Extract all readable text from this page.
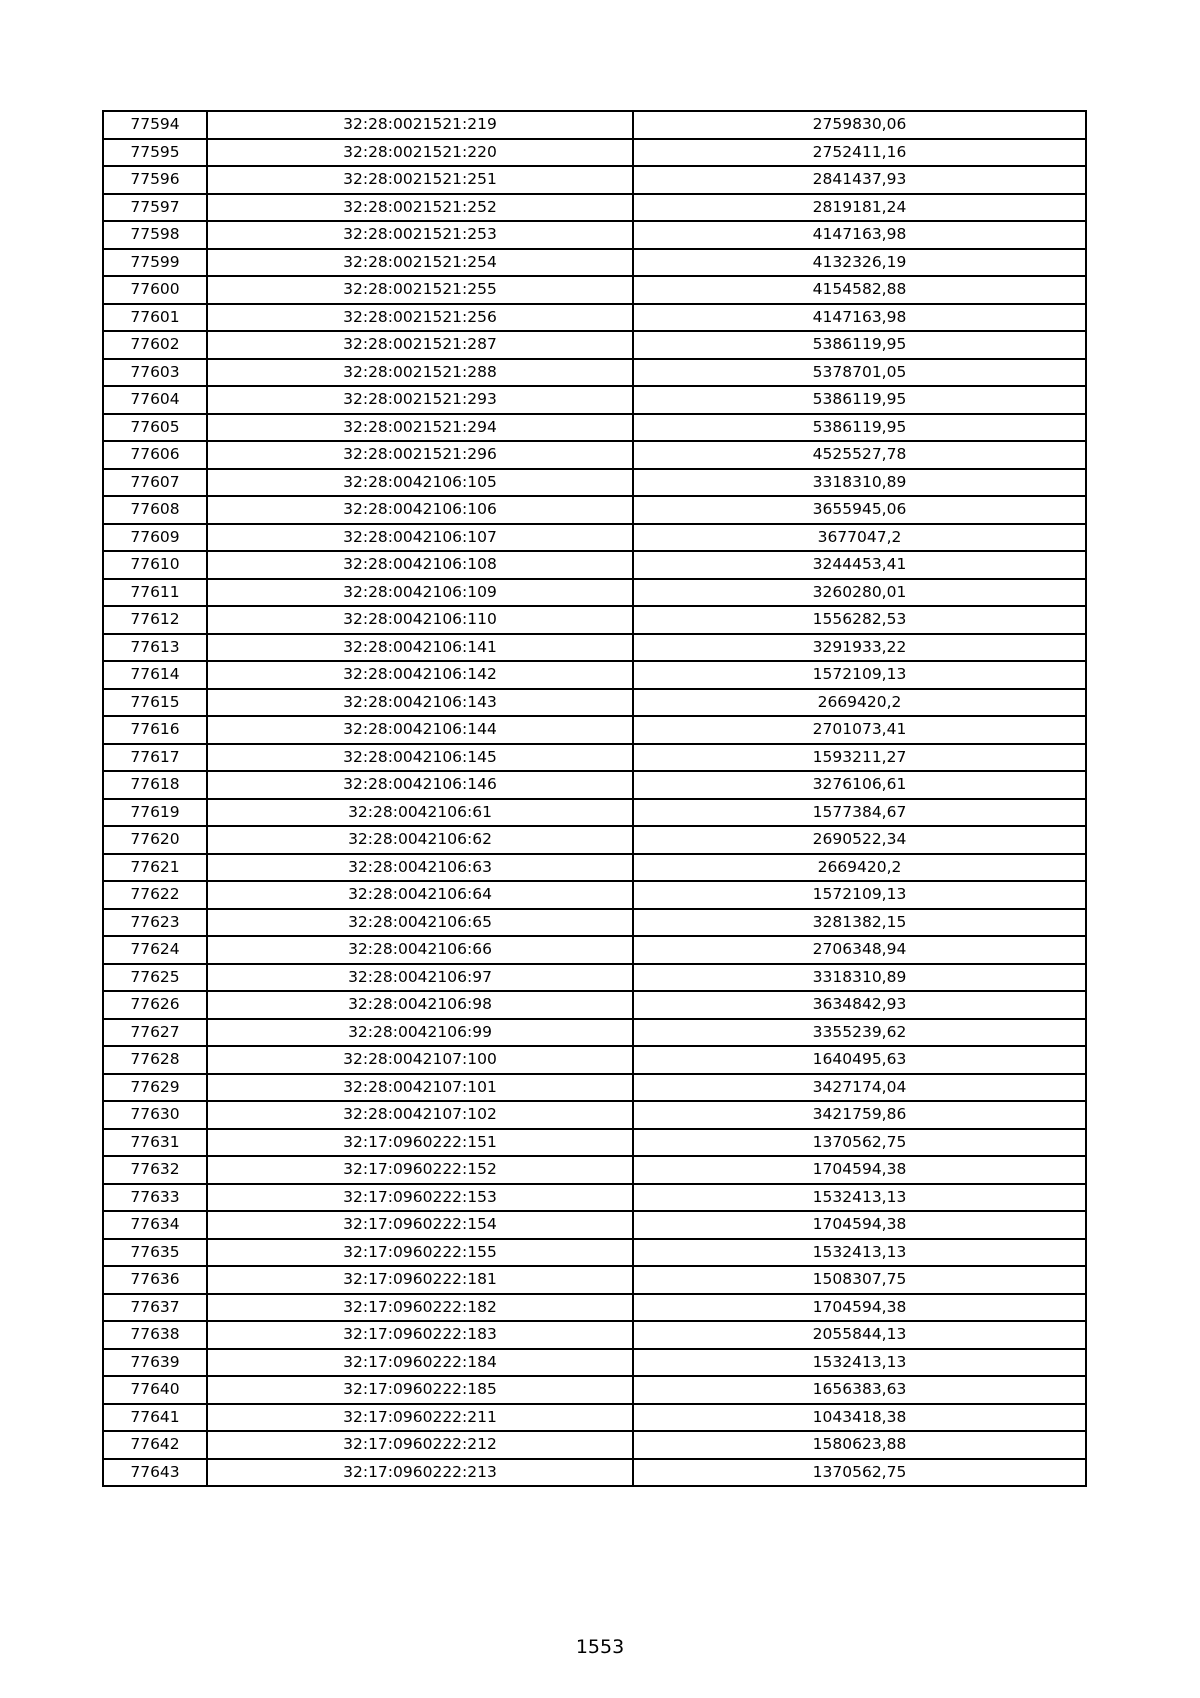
77594	32:28:0021521:219	2759830,06
77595	32:28:0021521:220	2752411,16
77596	32:28:0021521:251	2841437,93
77597	32:28:0021521:252	2819181,24
77598	32:28:0021521:253	4147163,98
77599	32:28:0021521:254	4132326,19
77600	32:28:0021521:255	4154582,88
77601	32:28:0021521:256	4147163,98
77602	32:28:0021521:287	5386119,95
77603	32:28:0021521:288	5378701,05
77604	32:28:0021521:293	5386119,95
77605	32:28:0021521:294	5386119,95
77606	32:28:0021521:296	4525527,78
77607	32:28:0042106:105	3318310,89
77608	32:28:0042106:106	3655945,06
77609	32:28:0042106:107	3677047,2
77610	32:28:0042106:108	3244453,41
77611	32:28:0042106:109	3260280,01
77612	32:28:0042106:110	1556282,53
77613	32:28:0042106:141	3291933,22
77614	32:28:0042106:142	1572109,13
77615	32:28:0042106:143	2669420,2
77616	32:28:0042106:144	2701073,41
77617	32:28:0042106:145	1593211,27
77618	32:28:0042106:146	3276106,61
77619	32:28:0042106:61	1577384,67
77620	32:28:0042106:62	2690522,34
77621	32:28:0042106:63	2669420,2
77622	32:28:0042106:64	1572109,13
77623	32:28:0042106:65	3281382,15
77624	32:28:0042106:66	2706348,94
77625	32:28:0042106:97	3318310,89
77626	32:28:0042106:98	3634842,93
77627	32:28:0042106:99	3355239,62
77628	32:28:0042107:100	1640495,63
77629	32:28:0042107:101	3427174,04
77630	32:28:0042107:102	3421759,86
77631	32:17:0960222:151	1370562,75
77632	32:17:0960222:152	1704594,38
77633	32:17:0960222:153	1532413,13
77634	32:17:0960222:154	1704594,38
77635	32:17:0960222:155	1532413,13
77636	32:17:0960222:181	1508307,75
77637	32:17:0960222:182	1704594,38
77638	32:17:0960222:183	2055844,13
77639	32:17:0960222:184	1532413,13
77640	32:17:0960222:185	1656383,63
77641	32:17:0960222:211	1043418,38
77642	32:17:0960222:212	1580623,88
77643	32:17:0960222:213	1370562,75
1553
